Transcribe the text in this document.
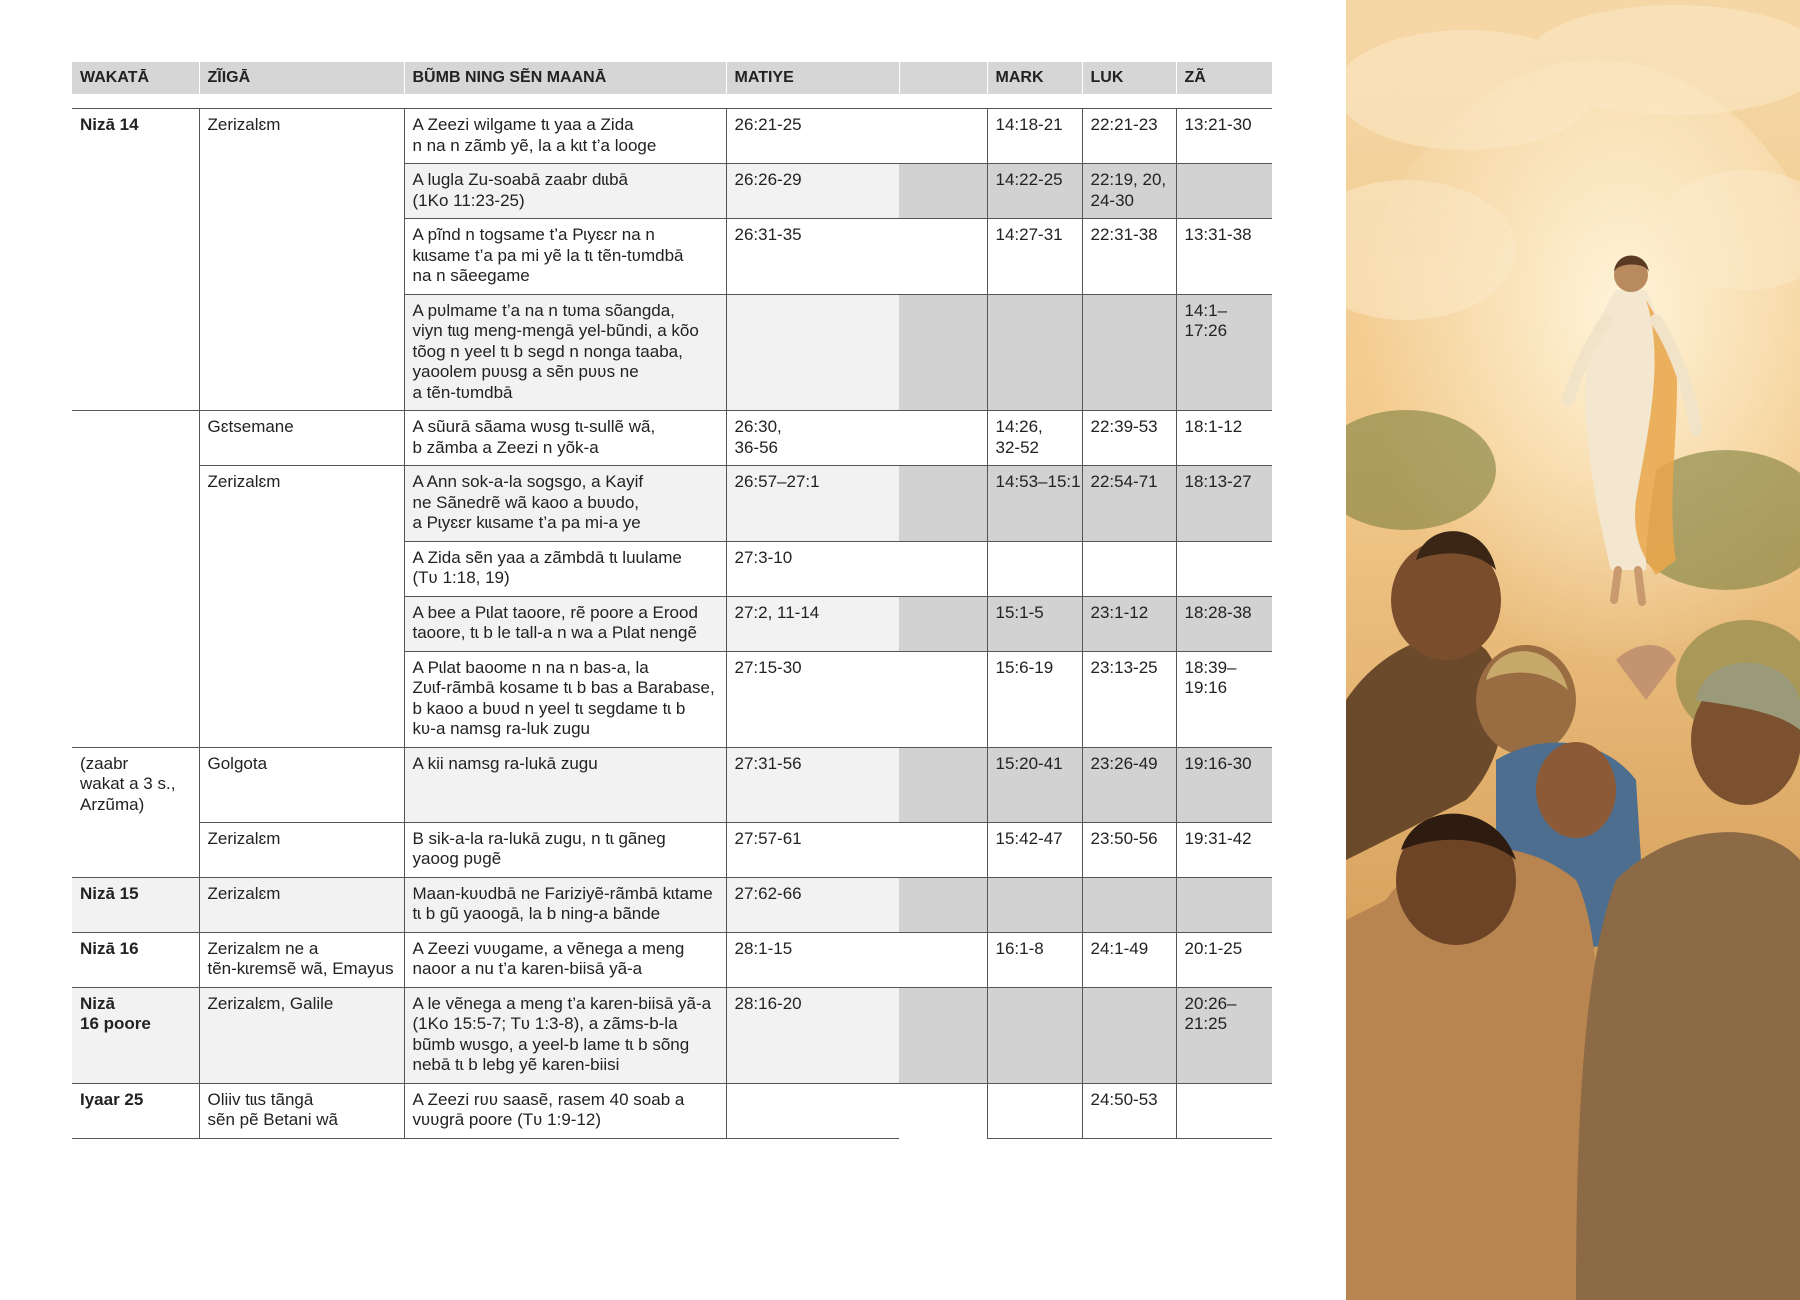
WAKATĀ	ZĨIGĀ	BŨMB NING SẼN MAANĀ	MATIYE		MARK	LUK	ZÃ

Nizā 14	Zerizalɛm	A Zeezi wilgame tɩ yaa a Zida
n na n zãmb yẽ, la a kɩt t’a looge	26:21-25		14:18-21	22:21-23	13:21-30
		A lugla Zu-soabā zaabr dɩɩbā
(1Ko 11:23-25)	26:26-29		14:22-25	22:19, 20,
24-30	
		A pĩnd n togsame t’a Pɩyɛɛr na n
kɩɩsame t’a pa mi yẽ la tɩ tẽn-tʋmdbā
na n sãeegame	26:31-35		14:27-31	22:31-38	13:31-38
		A pʋlmame t’a na n tʋma sõangda,
viyn tɩɩg meng-mengā yel-bũndi, a kõo
tõog n yeel tɩ b segd n nonga taaba,
yaoolem pʋʋsg a sẽn pʋʋs ne
a tẽn-tʋmdbā					14:1–
17:26
	Gɛtsemane	A sũurā sãama wʋsg tɩ-sullẽ wã,
b zãmba a Zeezi n yõk-a	26:30,
36-56		14:26,
32-52	22:39-53	18:1-12
	Zerizalɛm	A Ann sok-a-la sogsgo, a Kayif
ne Sãnedrẽ wã kaoo a bʋʋdo,
a Pɩyɛɛr kɩɩsame t’a pa mi-a ye	26:57–27:1		14:53–15:1	22:54-71	18:13-27
		A Zida sẽn yaa a zãmbdā tɩ luulame
(Tʋ 1:18, 19)	27:3-10				
		A bee a Pɩlat taoore, rẽ poore a Erood
taoore, tɩ b le tall-a n wa a Pɩlat nengẽ	27:2, 11-14		15:1-5	23:1-12	18:28-38
		A Pɩlat baoome n na n bas-a, la
Zʋɩf-rãmbā kosame tɩ b bas a Barabase,
b kaoo a bʋʋd n yeel tɩ segdame tɩ b
kʋ-a namsg ra-luk zugu	27:15-30		15:6-19	23:13-25	18:39–
19:16
(zaabr
wakat a 3 s.,
Arzũma)	Golgota	A kii namsg ra-lukā zugu	27:31-56		15:20-41	23:26-49	19:16-30
	Zerizalɛm	B sik-a-la ra-lukā zugu, n tɩ gãneg
yaoog pʋgẽ	27:57-61		15:42-47	23:50-56	19:31-42
Nizā 15	Zerizalɛm	Maan-kʋʋdbā ne Fariziyẽ-rãmbā kɩtame
tɩ b gũ yaoogā, la b ning-a bãnde	27:62-66				
Nizā 16	Zerizalɛm ne a
tẽn-kɩremsẽ wã, Emayus	A Zeezi vʋʋgame, a vẽnega a meng
naoor a nu t’a karen-biisā yã-a	28:1-15		16:1-8	24:1-49	20:1-25
Nizā
16 poore	Zerizalɛm, Galile	A le vẽnega a meng t’a karen-biisā yã-a
(1Ko 15:5-7; Tʋ 1:3-8), a zãms-b-la
bũmb wʋsgo, a yeel-b lame tɩ b sõng
nebā tɩ b lebg yẽ karen-biisi	28:16-20				20:26–
21:25
Iyaar 25	Oliiv tɩɩs tãngā
sẽn pẽ Betani wã	A Zeezi rʋʋ saasẽ, rasem 40 soab a
vʋʋgrā poore (Tʋ 1:9-12)				24:50-53	
